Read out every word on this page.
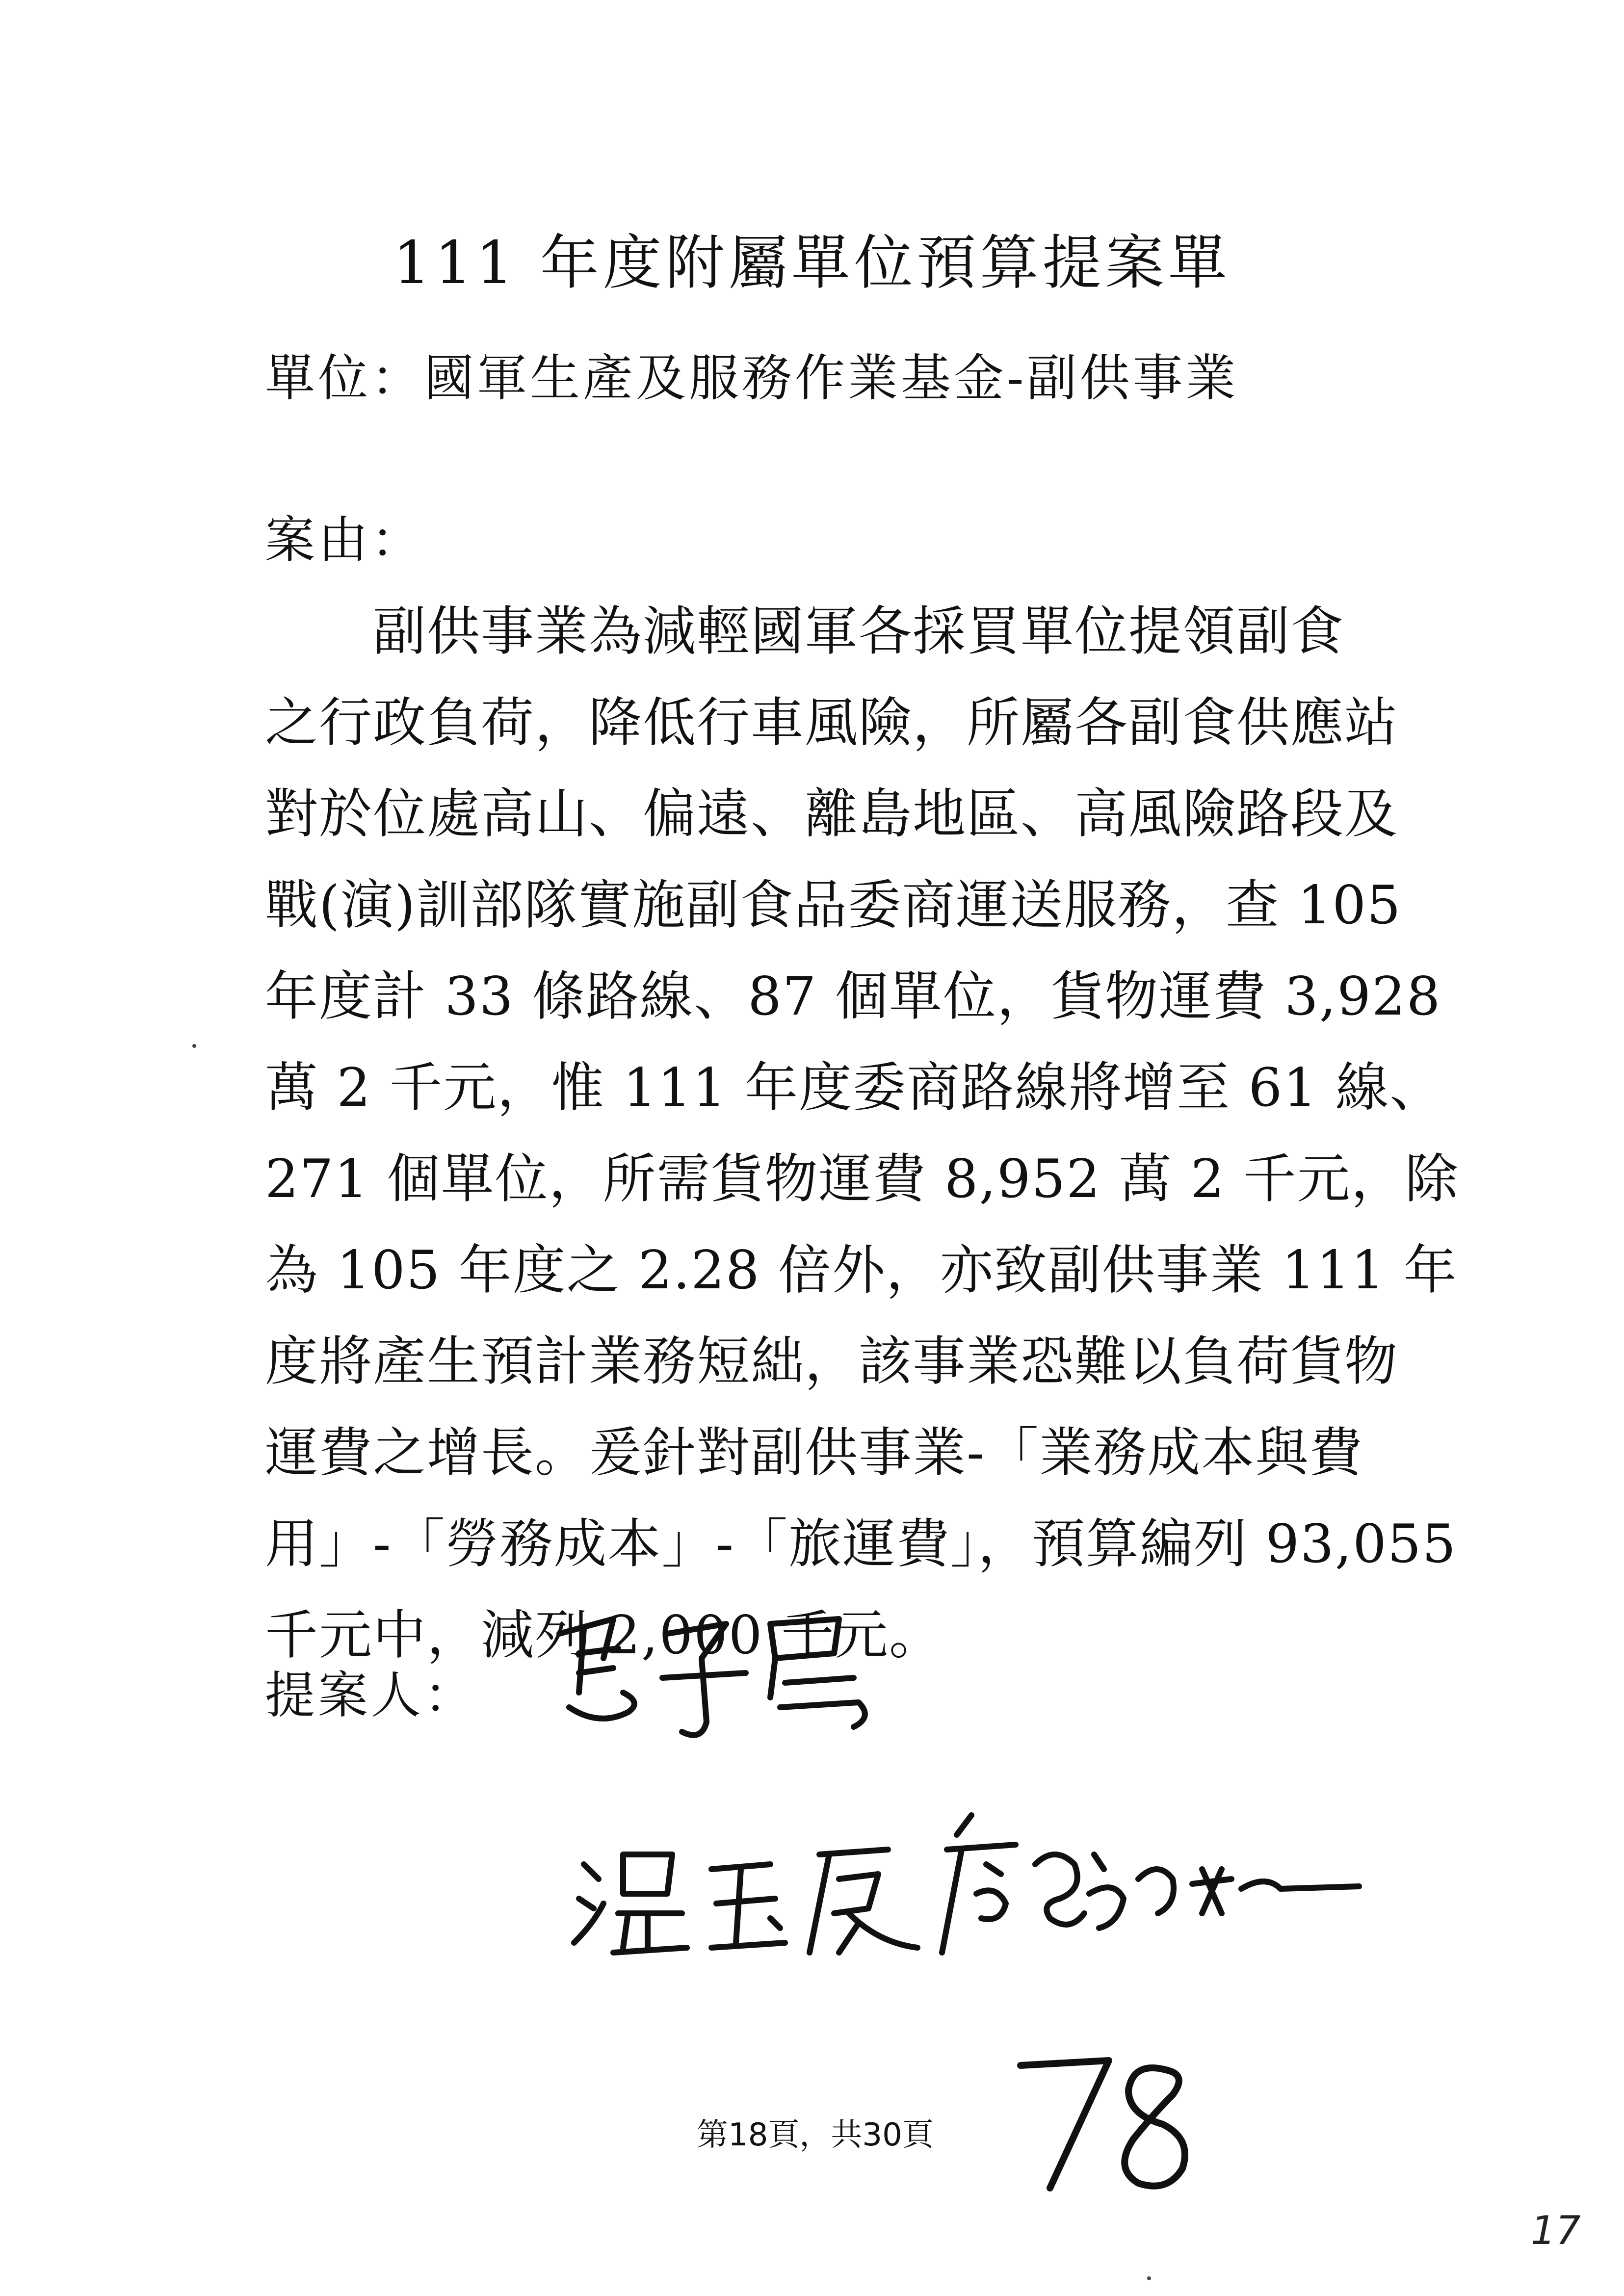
111 年度附屬單位預算提案單
單位：國軍生產及服務作業基金-副供事業
案由：
副供事業為減輕國軍各採買單位提領副食
之行政負荷，降低行車風險，所屬各副食供應站
對於位處高山、偏遠、離島地區、高風險路段及
戰(演)訓部隊實施副食品委商運送服務，查 105
年度計 33 條路線、87 個單位，貨物運費 3,928
萬 2 千元，惟 111 年度委商路線將增至 61 線、
271 個單位，所需貨物運費 8,952 萬 2 千元，除
為 105 年度之 2.28 倍外，亦致副供事業 111 年
度將產生預計業務短絀，該事業恐難以負荷貨物
運費之增長。爰針對副供事業-「業務成本與費
用」-「勞務成本」-「旅運費」，預算編列 93,055
千元中，減列 2,000 千元。
提案人：
第18頁，共30頁
17
